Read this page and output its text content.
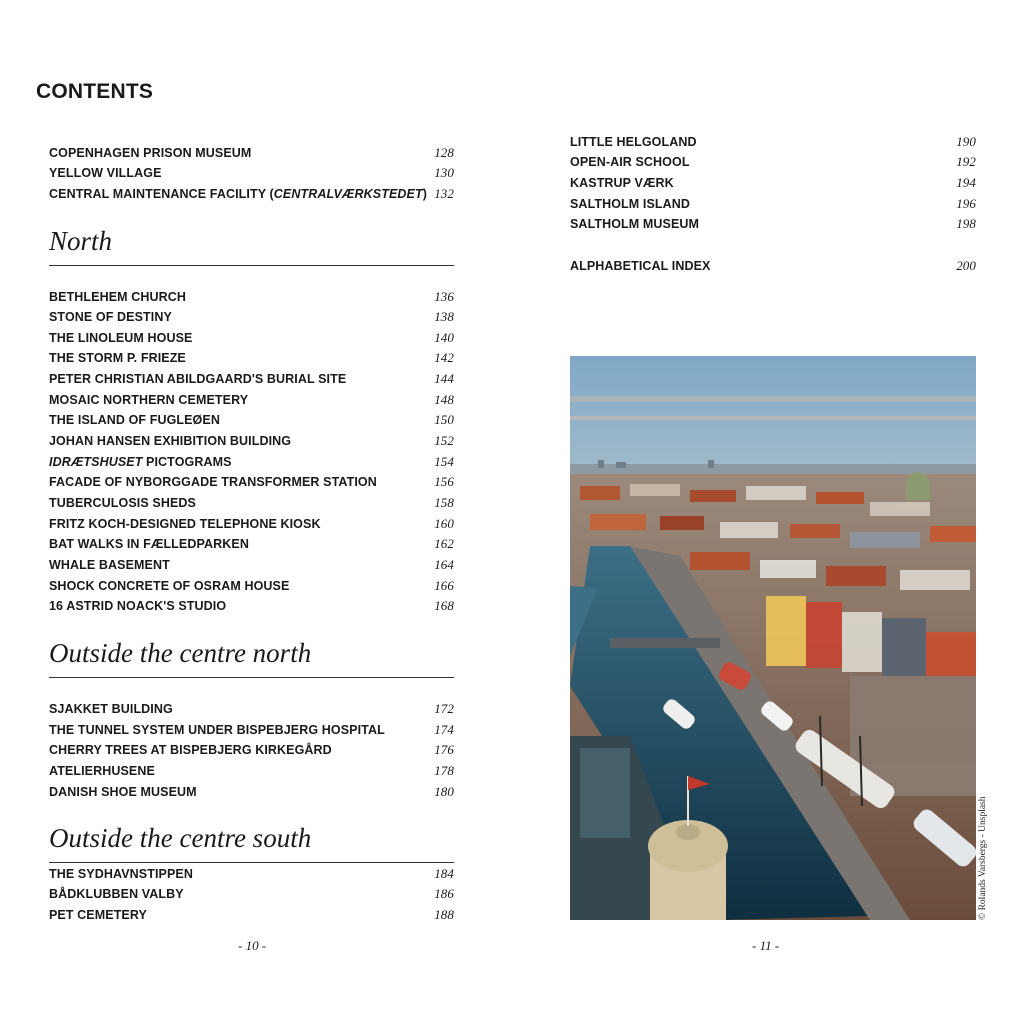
CONTENTS
COPENHAGEN PRISON MUSEUM	128
YELLOW VILLAGE	130
CENTRAL MAINTENANCE FACILITY (CENTRALVÆRKSTEDET) 132
North
BETHLEHEM CHURCH	136
STONE OF DESTINY	138
THE LINOLEUM HOUSE	140
THE STORM P. FRIEZE	142
PETER CHRISTIAN ABILDGAARD'S BURIAL SITE	144
MOSAIC NORTHERN CEMETERY	148
THE ISLAND OF FUGLEØEN	150
JOHAN HANSEN EXHIBITION BUILDING	152
IDRÆTSHUSET PICTOGRAMS	154
FACADE OF NYBORGGADE TRANSFORMER STATION	156
TUBERCULOSIS SHEDS	158
FRITZ KOCH-DESIGNED TELEPHONE KIOSK	160
BAT WALKS IN FÆLLEDPARKEN	162
WHALE BASEMENT	164
SHOCK CONCRETE OF OSRAM HOUSE	166
16 ASTRID NOACK'S STUDIO	168
Outside the centre north
SJAKKET BUILDING	172
THE TUNNEL SYSTEM UNDER BISPEBJERG HOSPITAL	174
CHERRY TREES AT BISPEBJERG KIRKEGÅRD	176
ATELIERHUSENE	178
DANISH SHOE MUSEUM	180
Outside the centre south
THE SYDHAVNSTIPPEN	184
BÅDKLUBBEN VALBY	186
PET CEMETERY	188
- 10 -
LITTLE HELGOLAND	190
OPEN-AIR SCHOOL	192
KASTRUP VÆRK	194
SALTHOLM ISLAND	196
SALTHOLM MUSEUM	198
ALPHABETICAL INDEX	200
© Rolands Varsbergs - Unsplash
- 11 -
